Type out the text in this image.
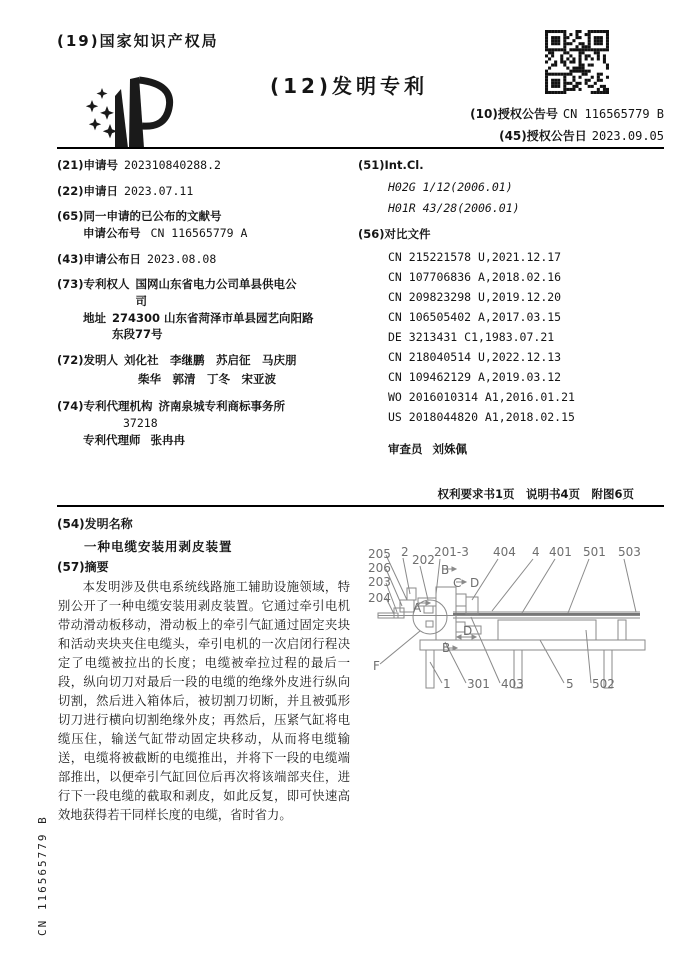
(19)国家知识产权局
(12)发明专利
(10)授权公告号 CN 116565779 B
(45)授权公告日 2023.09.05
(21)申请号 202310840288.2
(22)申请日 2023.07.11
(65)同一申请的已公布的文献号
申请公布号 CN 116565779 A
(43)申请公布日 2023.08.08
(73)专利权人 国网山东省电力公司单县供电公司
地址 274300 山东省菏泽市单县园艺向阳路东段77号
(72)发明人 刘化社　李继鹏　苏启征　马庆朋
柴华　郭清　丁冬　宋亚波
(74)专利代理机构 济南泉城专利商标事务所
37218
专利代理师 张冉冉
(51)Int.Cl.
H02G 1/12(2006.01)
H01R 43/28(2006.01)
(56)对比文件
CN 215221578 U,2021.12.17
CN 107706836 A,2018.02.16
CN 209823298 U,2019.12.20
CN 106505402 A,2017.03.15
DE 3213431 C1,1983.07.21
CN 218040514 U,2022.12.13
CN 109462129 A,2019.03.12
WO 2016010314 A1,2016.01.21
US 2018044820 A1,2018.02.15
审查员 刘姝佩
权利要求书1页　说明书4页　附图6页
(54)发明名称
一种电缆安装用剥皮装置
(57)摘要
本发明涉及供电系统线路施工辅助设施领域，特别公开了一种电缆安装用剥皮装置。它通过牵引电机带动滑动板移动，滑动板上的牵引气缸通过固定夹块和活动夹块夹住电缆头，牵引电机的一次启闭行程决定了电缆被拉出的长度；电缆被牵拉过程的最后一段，纵向切刀对最后一段的电缆的绝缘外皮进行纵向切割，然后进入箱体后，被切割刀切断，并且被弧形切刀进行横向切割绝缘外皮；再然后，压紧气缸将电缆压住，输送气缸带动固定块移动，从而将电缆输送，电缆将被截断的电缆推出，并将下一段的电缆端部推出，以便牵引气缸回位后再次将该端部夹住，进行下一段电缆的截取和剥皮，如此反复，即可快速高效地获得若干同样长度的电缆，省时省力。
205
206
203
204
2
202
201-3 404 4 401 501 503
B
C D
A
D
B
F
1 301 403	5 502
CN 116565779 B
